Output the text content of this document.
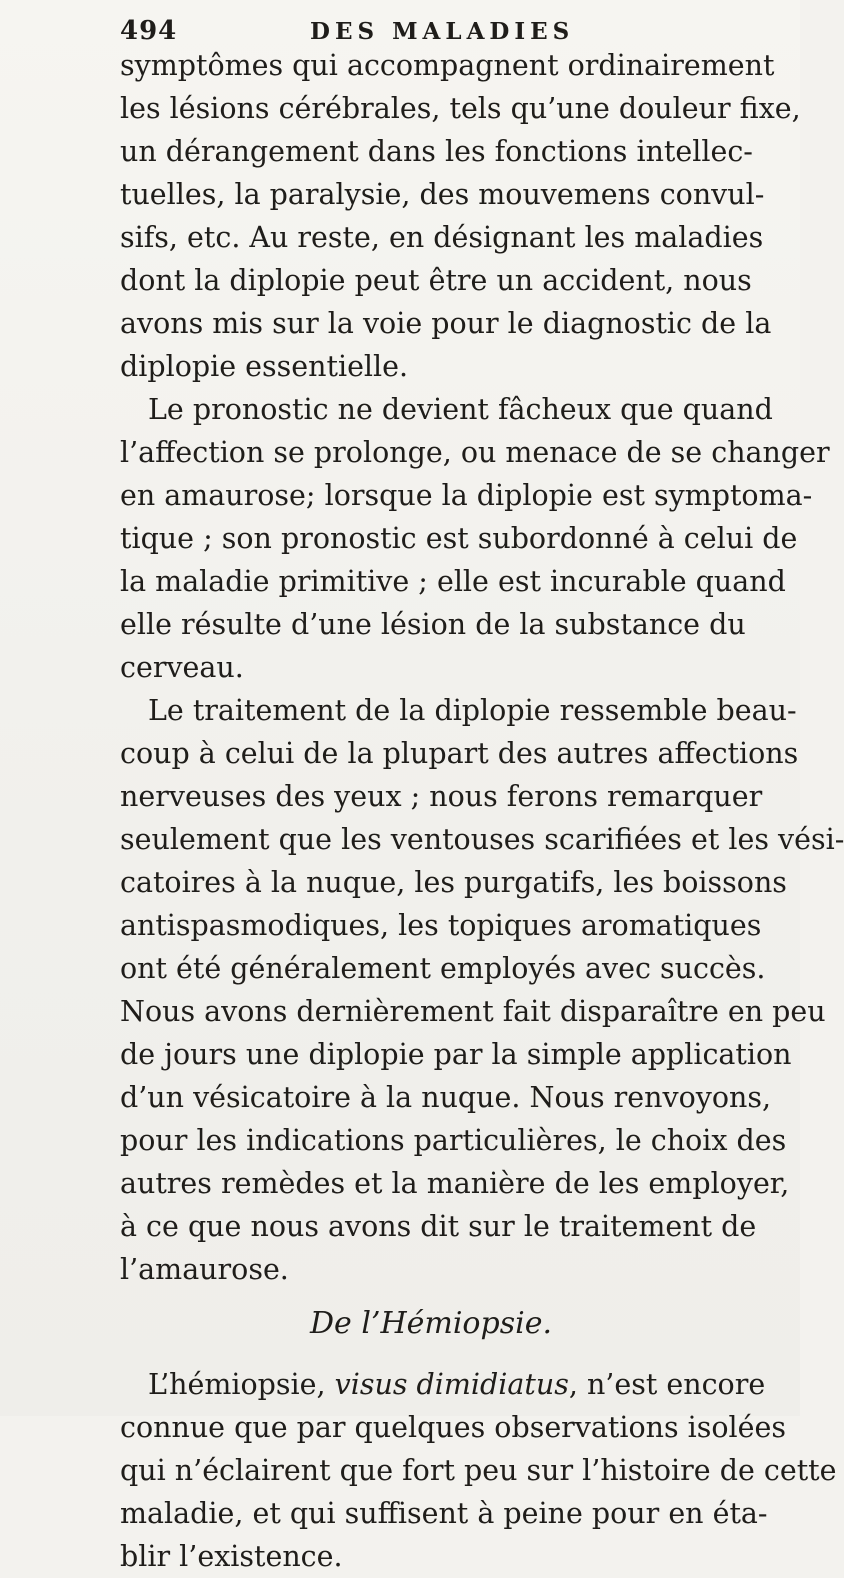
494	DES MALADIES
symptômes qui accompagnent ordinairement
les lésions cérébrales, tels qu’une douleur fixe,
un dérangement dans les fonctions intellec-
tuelles, la paralysie, des mouvemens convul-
sifs, etc. Au reste, en désignant les maladies
dont la diplopie peut être un accident, nous
avons mis sur la voie pour le diagnostic de la
diplopie essentielle.
Le pronostic ne devient fâcheux que quand
l’affection se prolonge, ou menace de se changer
en amaurose; lorsque la diplopie est symptoma-
tique ; son pronostic est subordonné à celui de
la maladie primitive ; elle est incurable quand
elle résulte d’une lésion de la substance du
cerveau.
Le traitement de la diplopie ressemble beau-
coup à celui de la plupart des autres affections
nerveuses des yeux ; nous ferons remarquer
seulement que les ventouses scarifiées et les vési-
catoires à la nuque, les purgatifs, les boissons
antispasmodiques, les topiques aromatiques
ont été généralement employés avec succès.
Nous avons dernièrement fait disparaître en peu
de jours une diplopie par la simple application
d’un vésicatoire à la nuque. Nous renvoyons,
pour les indications particulières, le choix des
autres remèdes et la manière de les employer,
à ce que nous avons dit sur le traitement de
l’amaurose.
De l’Hémiopsie.
L’hémiopsie, visus dimidiatus, n’est encore
connue que par quelques observations isolées
qui n’éclairent que fort peu sur l’histoire de cette
maladie, et qui suffisent à peine pour en éta-
blir l’existence.
